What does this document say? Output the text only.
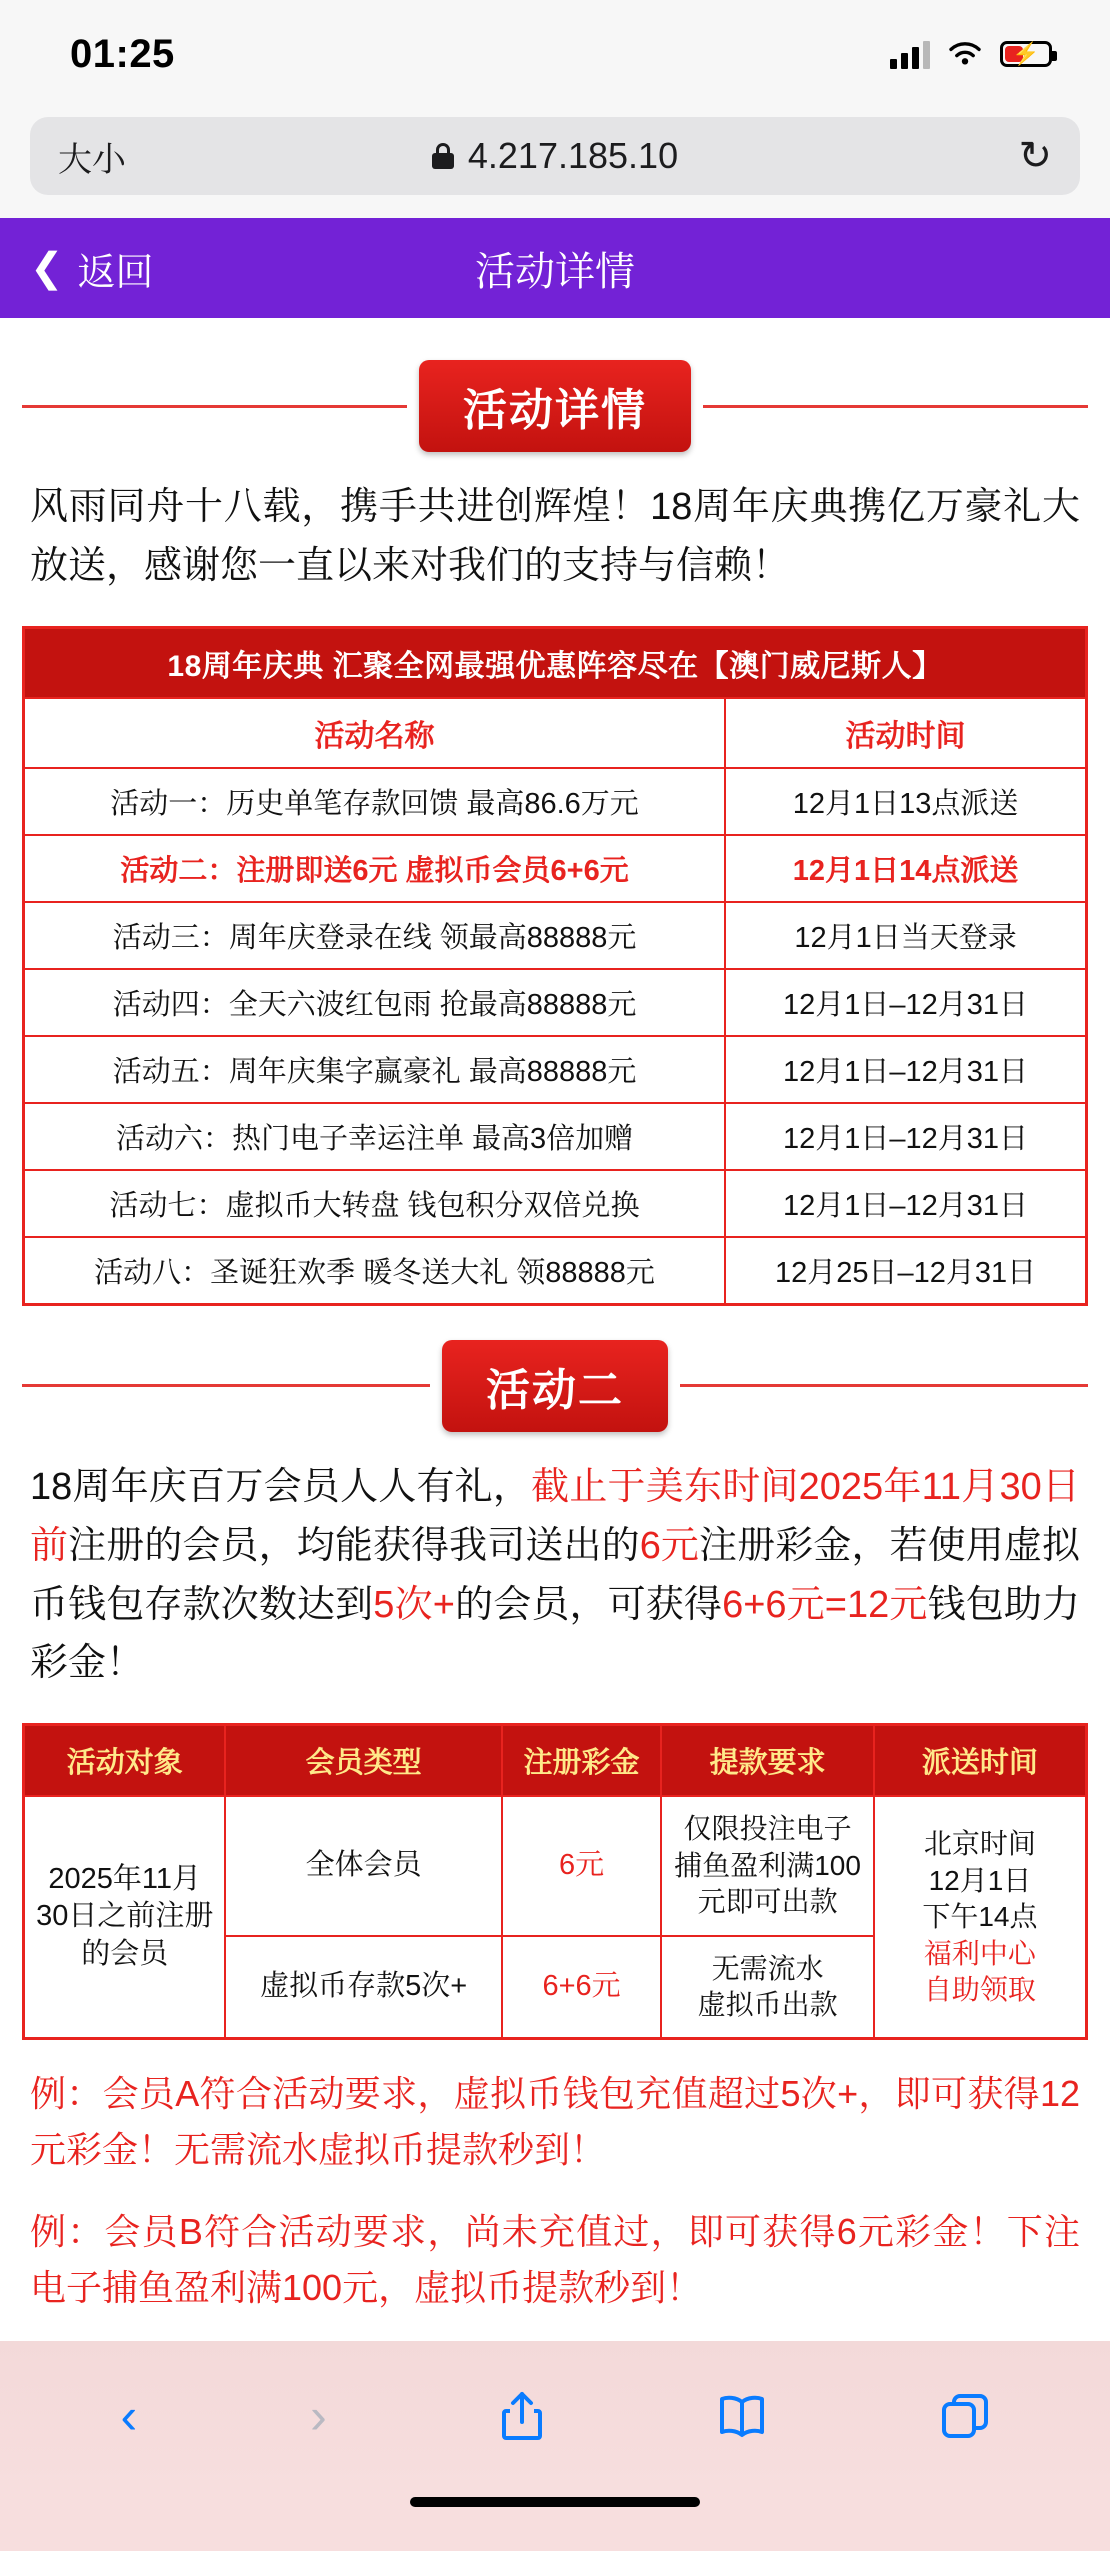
01:25	⚡
大小	4.217.185.10	↻
❮ 返回	活动详情
活动详情

风雨同舟十八载，携手共进创辉煌！18周年庆典携亿万豪礼大放送，感谢您一直以来对我们的支持与信赖！

18周年庆典 汇聚全网最强优惠阵容尽在【澳门威尼斯人】	
活动名称	活动时间
活动一：历史单笔存款回馈 最高86.6万元	12月1日13点派送
活动二：注册即送6元 虚拟币会员6+6元	12月1日14点派送
活动三：周年庆登录在线 领最高88888元	12月1日当天登录
活动四：全天六波红包雨 抢最高88888元	12月1日–12月31日
活动五：周年庆集字赢豪礼 最高88888元	12月1日–12月31日
活动六：热门电子幸运注单 最高3倍加赠	12月1日–12月31日
活动七：虚拟币大转盘 钱包积分双倍兑换	12月1日–12月31日
活动八：圣诞狂欢季 暖冬送大礼 领88888元	12月25日–12月31日
活动二

18周年庆百万会员人人有礼，截止于美东时间2025年11月30日前注册的会员，均能获得我司送出的6元注册彩金，若使用虚拟币钱包存款次数达到5次+的会员，可获得6+6元=12元钱包助力彩金！

活动对象	会员类型	注册彩金	提款要求	派送时间
2025年11月30日之前注册的会员	全体会员	6元	仅限投注电子捕鱼盈利满100元即可出款	北京时间
12月1日
下午14点
福利中心
自助领取
	虚拟币存款5次+	6+6元	无需流水
虚拟币出款	

例：会员A符合活动要求，虚拟币钱包充值超过5次+，即可获得12元彩金！无需流水虚拟币提款秒到！

例：会员B符合活动要求，尚未充值过，即可获得6元彩金！下注电子捕鱼盈利满100元，虚拟币提款秒到！

‹	›
